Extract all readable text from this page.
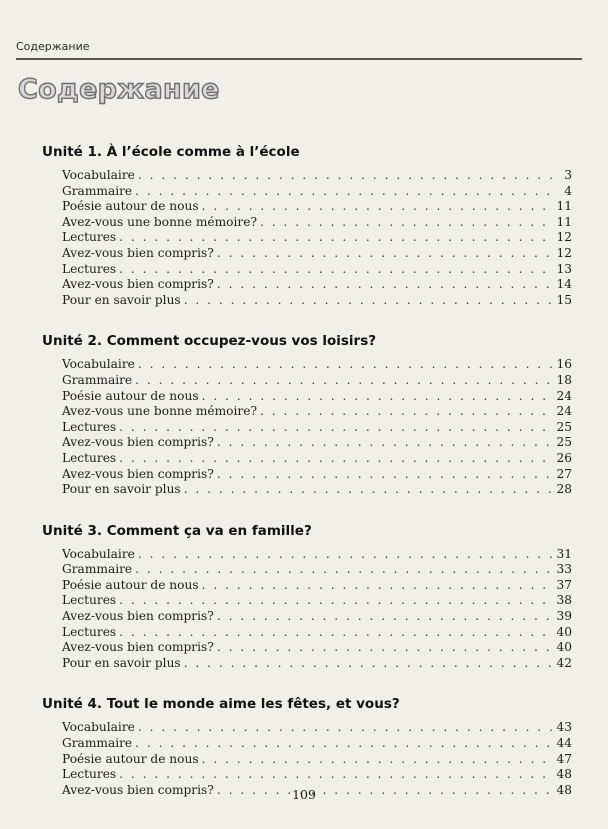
Содержание
Содержание
Unité 1. À l’école comme à l’école
Vocabulaire . . .	3
Grammaire . . .	4
Poésie autour de nous . . .	11
Avez-vous une bonne mémoire? . . .	11
Lectures . . .	12
Avez-vous bien compris? . . .	12
Lectures . . .	13
Avez-vous bien compris? . . .	14
Pour en savoir plus . . .	15
Unité 2. Comment occupez-vous vos loisirs?
Vocabulaire . . .	16
Grammaire . . .	18
Poésie autour de nous . . .	24
Avez-vous une bonne mémoire? . . .	24
Lectures . . .	25
Avez-vous bien compris? . . .	25
Lectures . . .	26
Avez-vous bien compris? . . .	27
Pour en savoir plus . . .	28
Unité 3. Comment ça va en famille?
Vocabulaire . . .	31
Grammaire . . .	33
Poésie autour de nous . . .	37
Lectures . . .	38
Avez-vous bien compris? . . .	39
Lectures . . .	40
Avez-vous bien compris? . . .	40
Pour en savoir plus . . .	42
Unité 4. Tout le monde aime les fêtes, et vous?
Vocabulaire . . .	43
Grammaire . . .	44
Poésie autour de nous . . .	47
Lectures . . .	48
Avez-vous bien compris? . . .	48
109
